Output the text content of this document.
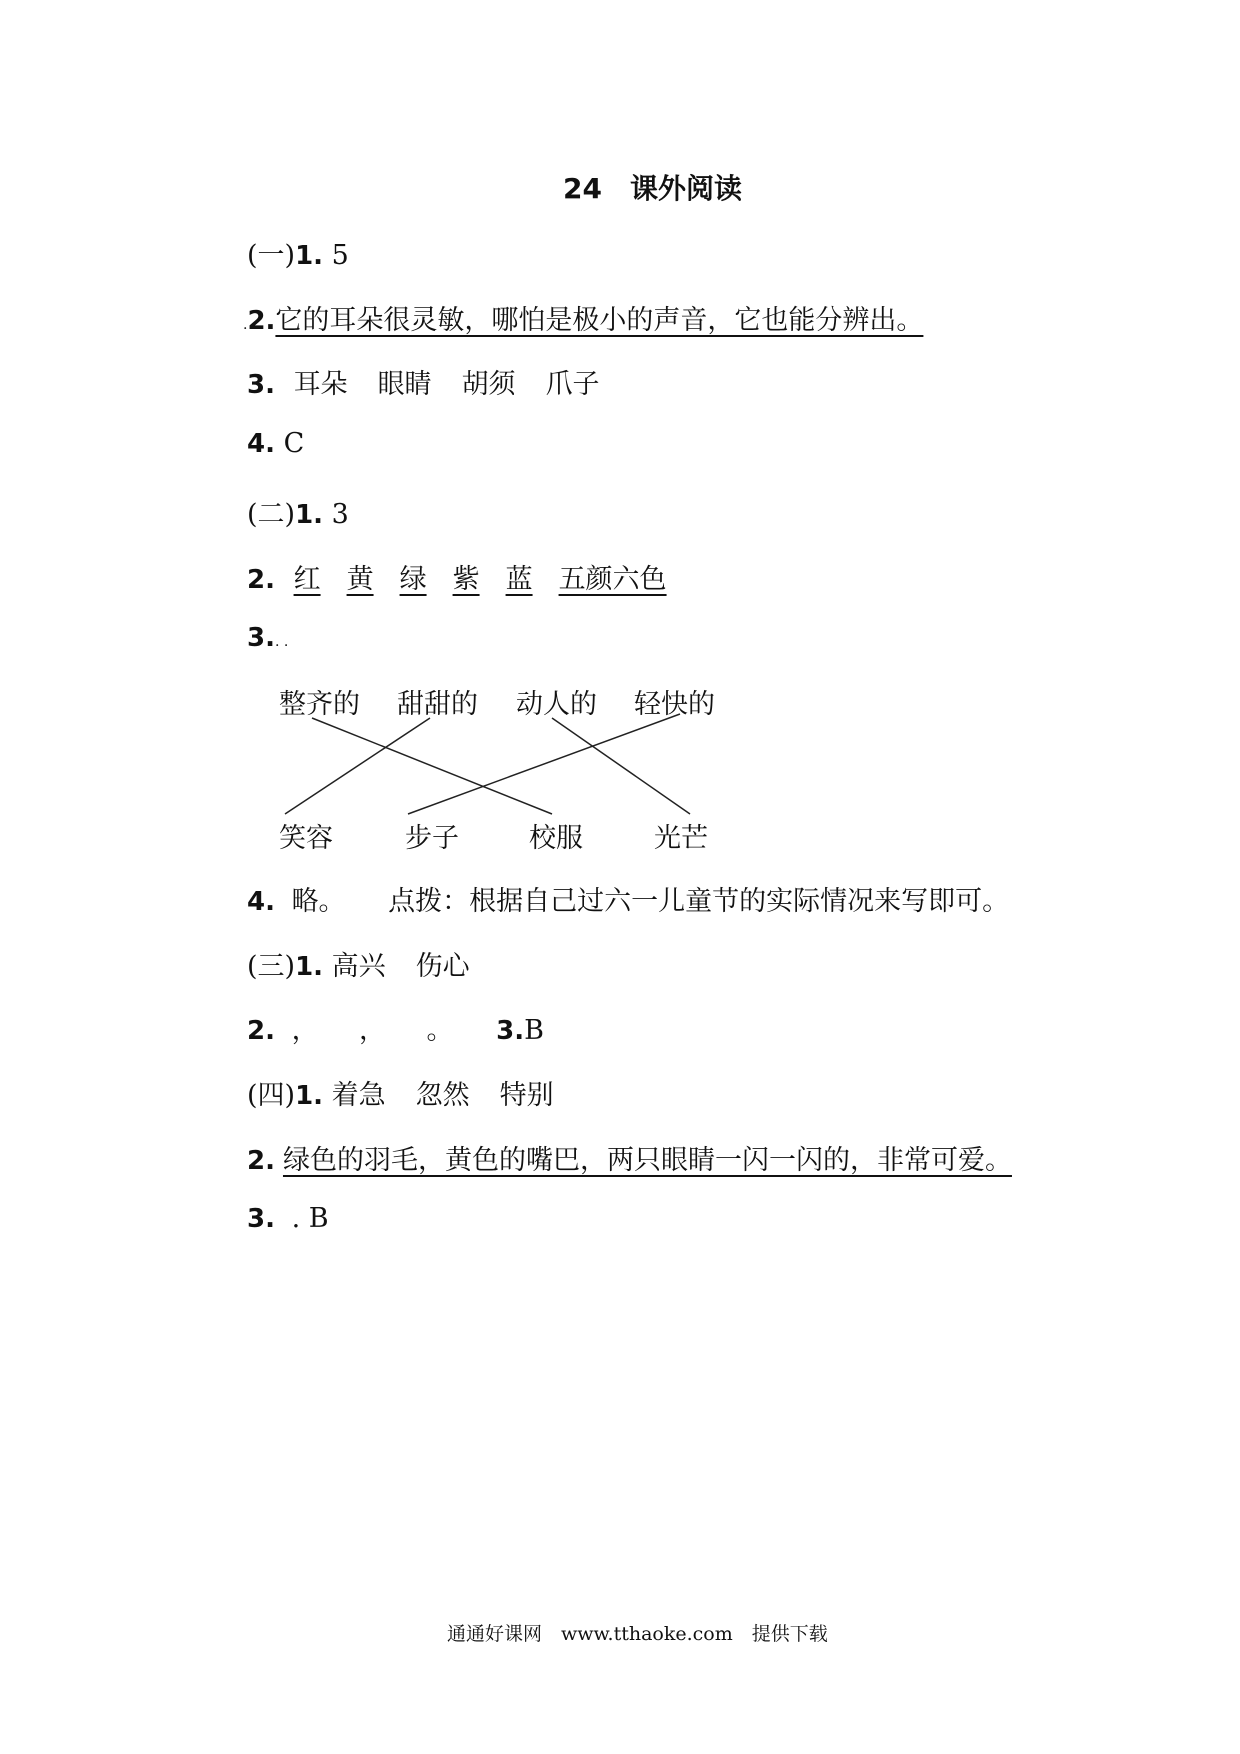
24　课外阅读
(一)1. 5
.2.它的耳朵很灵敏，哪怕是极小的声音，它也能分辨出。
3. 耳朵 眼睛 胡须 爪子
4. C
(二)1. 3
2. 红 黄 绿 紫 蓝 五颜六色
3.. .
整齐的 甜甜的 动人的 轻快的
笑容	步子	校服	光芒
4. 略。 点拨：根据自己过六一儿童节的实际情况来写即可。
(三)1. 高兴 伤心
2. ，　　，　　。 3.B
(四)1. 着急 忽然 特别
2. 绿色的羽毛，黄色的嘴巴，两只眼睛一闪一闪的，非常可爱。
3. . B
通通好课网　www.tthaoke.com　提供下载
